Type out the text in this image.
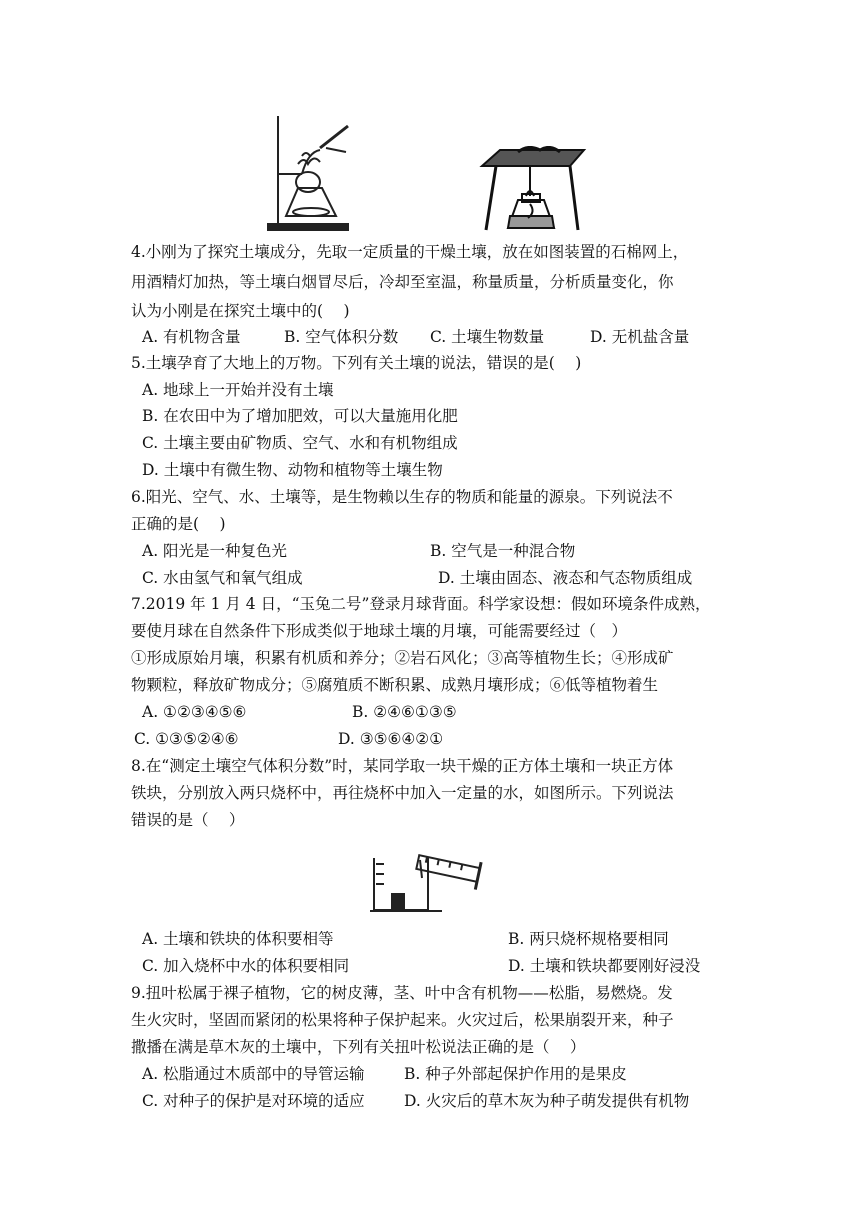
4.小刚为了探究土壤成分，先取一定质量的干燥土壤，放在如图装置的石棉网上，
用酒精灯加热，等土壤白烟冒尽后，冷却至室温，称量质量，分析质量变化，你
认为小刚是在探究土壤中的(　 )
A. 有机物含量	B. 空气体积分数 C. 土壤生物数量	D. 无机盐含量
5.土壤孕育了大地上的万物。下列有关土壤的说法，错误的是(　 )
A. 地球上一开始并没有土壤
B. 在农田中为了增加肥效，可以大量施用化肥
C. 土壤主要由矿物质、空气、水和有机物组成
D. 土壤中有微生物、动物和植物等土壤生物
6.阳光、空气、水、土壤等，是生物赖以生存的物质和能量的源泉。下列说法不
正确的是(　 )
A. 阳光是一种复色光	B. 空气是一种混合物
C. 水由氢气和氧气组成	D. 土壤由固态、液态和气态物质组成
7.2019 年 1 月 4 日，“玉兔二号”登录月球背面。科学家设想：假如环境条件成熟，
要使月球在自然条件下形成类似于地球土壤的月壤，可能需要经过（　）
①形成原始月壤，积累有机质和养分；②岩石风化；③高等植物生长；④形成矿
物颗粒，释放矿物成分；⑤腐殖质不断积累、成熟月壤形成；⑥低等植物着生
A. ①②③④⑤⑥	B. ②④⑥①③⑤
C. ①③⑤②④⑥	D. ③⑤⑥④②①
8.在“测定土壤空气体积分数”时，某同学取一块干燥的正方体土壤和一块正方体
铁块，分别放入两只烧杯中，再往烧杯中加入一定量的水，如图所示。下列说法
错误的是（　 ）
A. 土壤和铁块的体积要相等	B. 两只烧杯规格要相同
C. 加入烧杯中水的体积要相同	D. 土壤和铁块都要刚好浸没
9.扭叶松属于裸子植物，它的树皮薄，茎、叶中含有机物——松脂，易燃烧。发
生火灾时，坚固而紧闭的松果将种子保护起来。火灾过后，松果崩裂开来，种子
撒播在满是草木灰的土壤中，下列有关扭叶松说法正确的是（　 ）
A. 松脂通过木质部中的导管运输	B. 种子外部起保护作用的是果皮
C. 对种子的保护是对环境的适应	D. 火灾后的草木灰为种子萌发提供有机物
